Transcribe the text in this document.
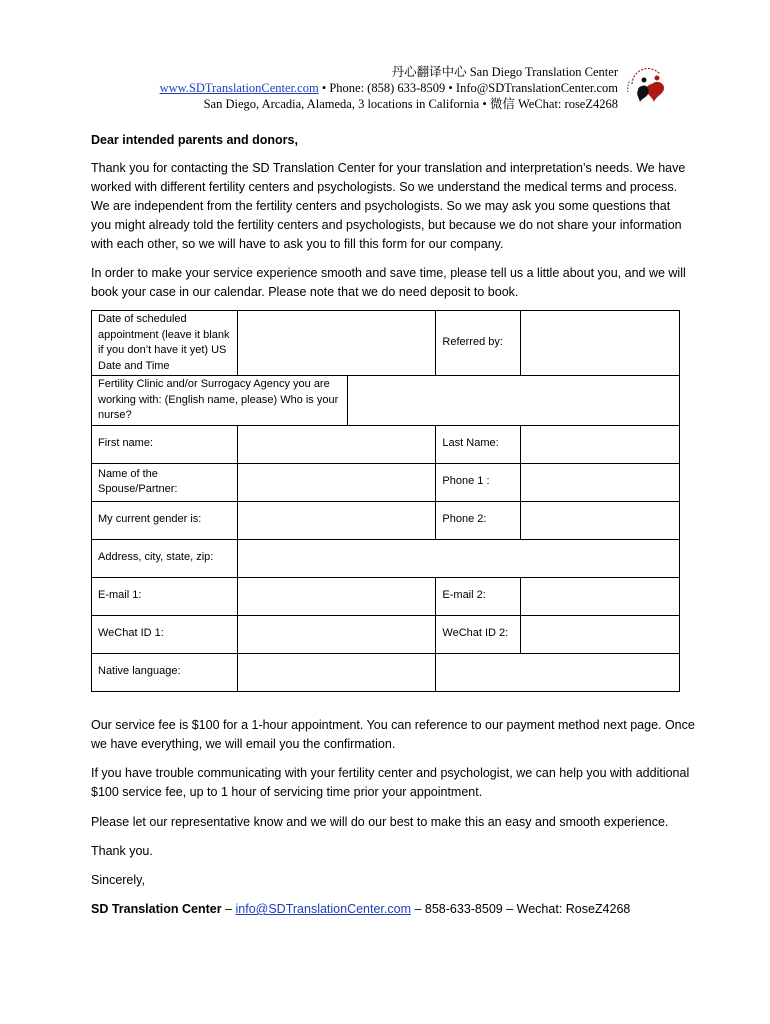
丹心翻译中心 San Diego Translation Center
www.SDTranslationCenter.com • Phone: (858) 633-8509 • Info@SDTranslationCenter.com
San Diego, Arcadia, Alameda, 3 locations in California • 微信 WeChat: roseZ4268
Dear intended parents and donors,
Thank you for contacting the SD Translation Center for your translation and interpretation’s needs. We have worked with different fertility centers and psychologists. So we understand the medical terms and process. We are independent from the fertility centers and psychologists. So we may ask you some questions that you might already told the fertility centers and psychologists, but because we do not share your information with each other, so we will have to ask you to fill this form for our company.
In order to make your service experience smooth and save time, please tell us a little about you, and we will book your case in our calendar. Please note that we do need deposit to book.
Date of scheduled appointment (leave it blank if you don’t have it yet) US Date and Time			Referred by:	

Fertility Clinic and/or Surrogacy Agency you are working with: (English name, please) Who is your nurse?				

First name:			Last Name:	

Name of the Spouse/Partner:			Phone 1 :	

My current gender is:			Phone 2:	

Address, city, state, zip:				

E-mail 1:			E-mail 2:	

WeChat ID 1:			WeChat ID 2:	

Native language:			

Our service fee is $100 for a 1-hour appointment. You can reference to our payment method next page. Once we have everything, we will email you the confirmation.
If you have trouble communicating with your fertility center and psychologist, we can help you with additional $100 service fee, up to 1 hour of servicing time prior your appointment.
Please let our representative know and we will do our best to make this an easy and smooth experience.
Thank you.
Sincerely,
SD Translation Center – info@SDTranslationCenter.com – 858-633-8509 – Wechat: RoseZ4268
